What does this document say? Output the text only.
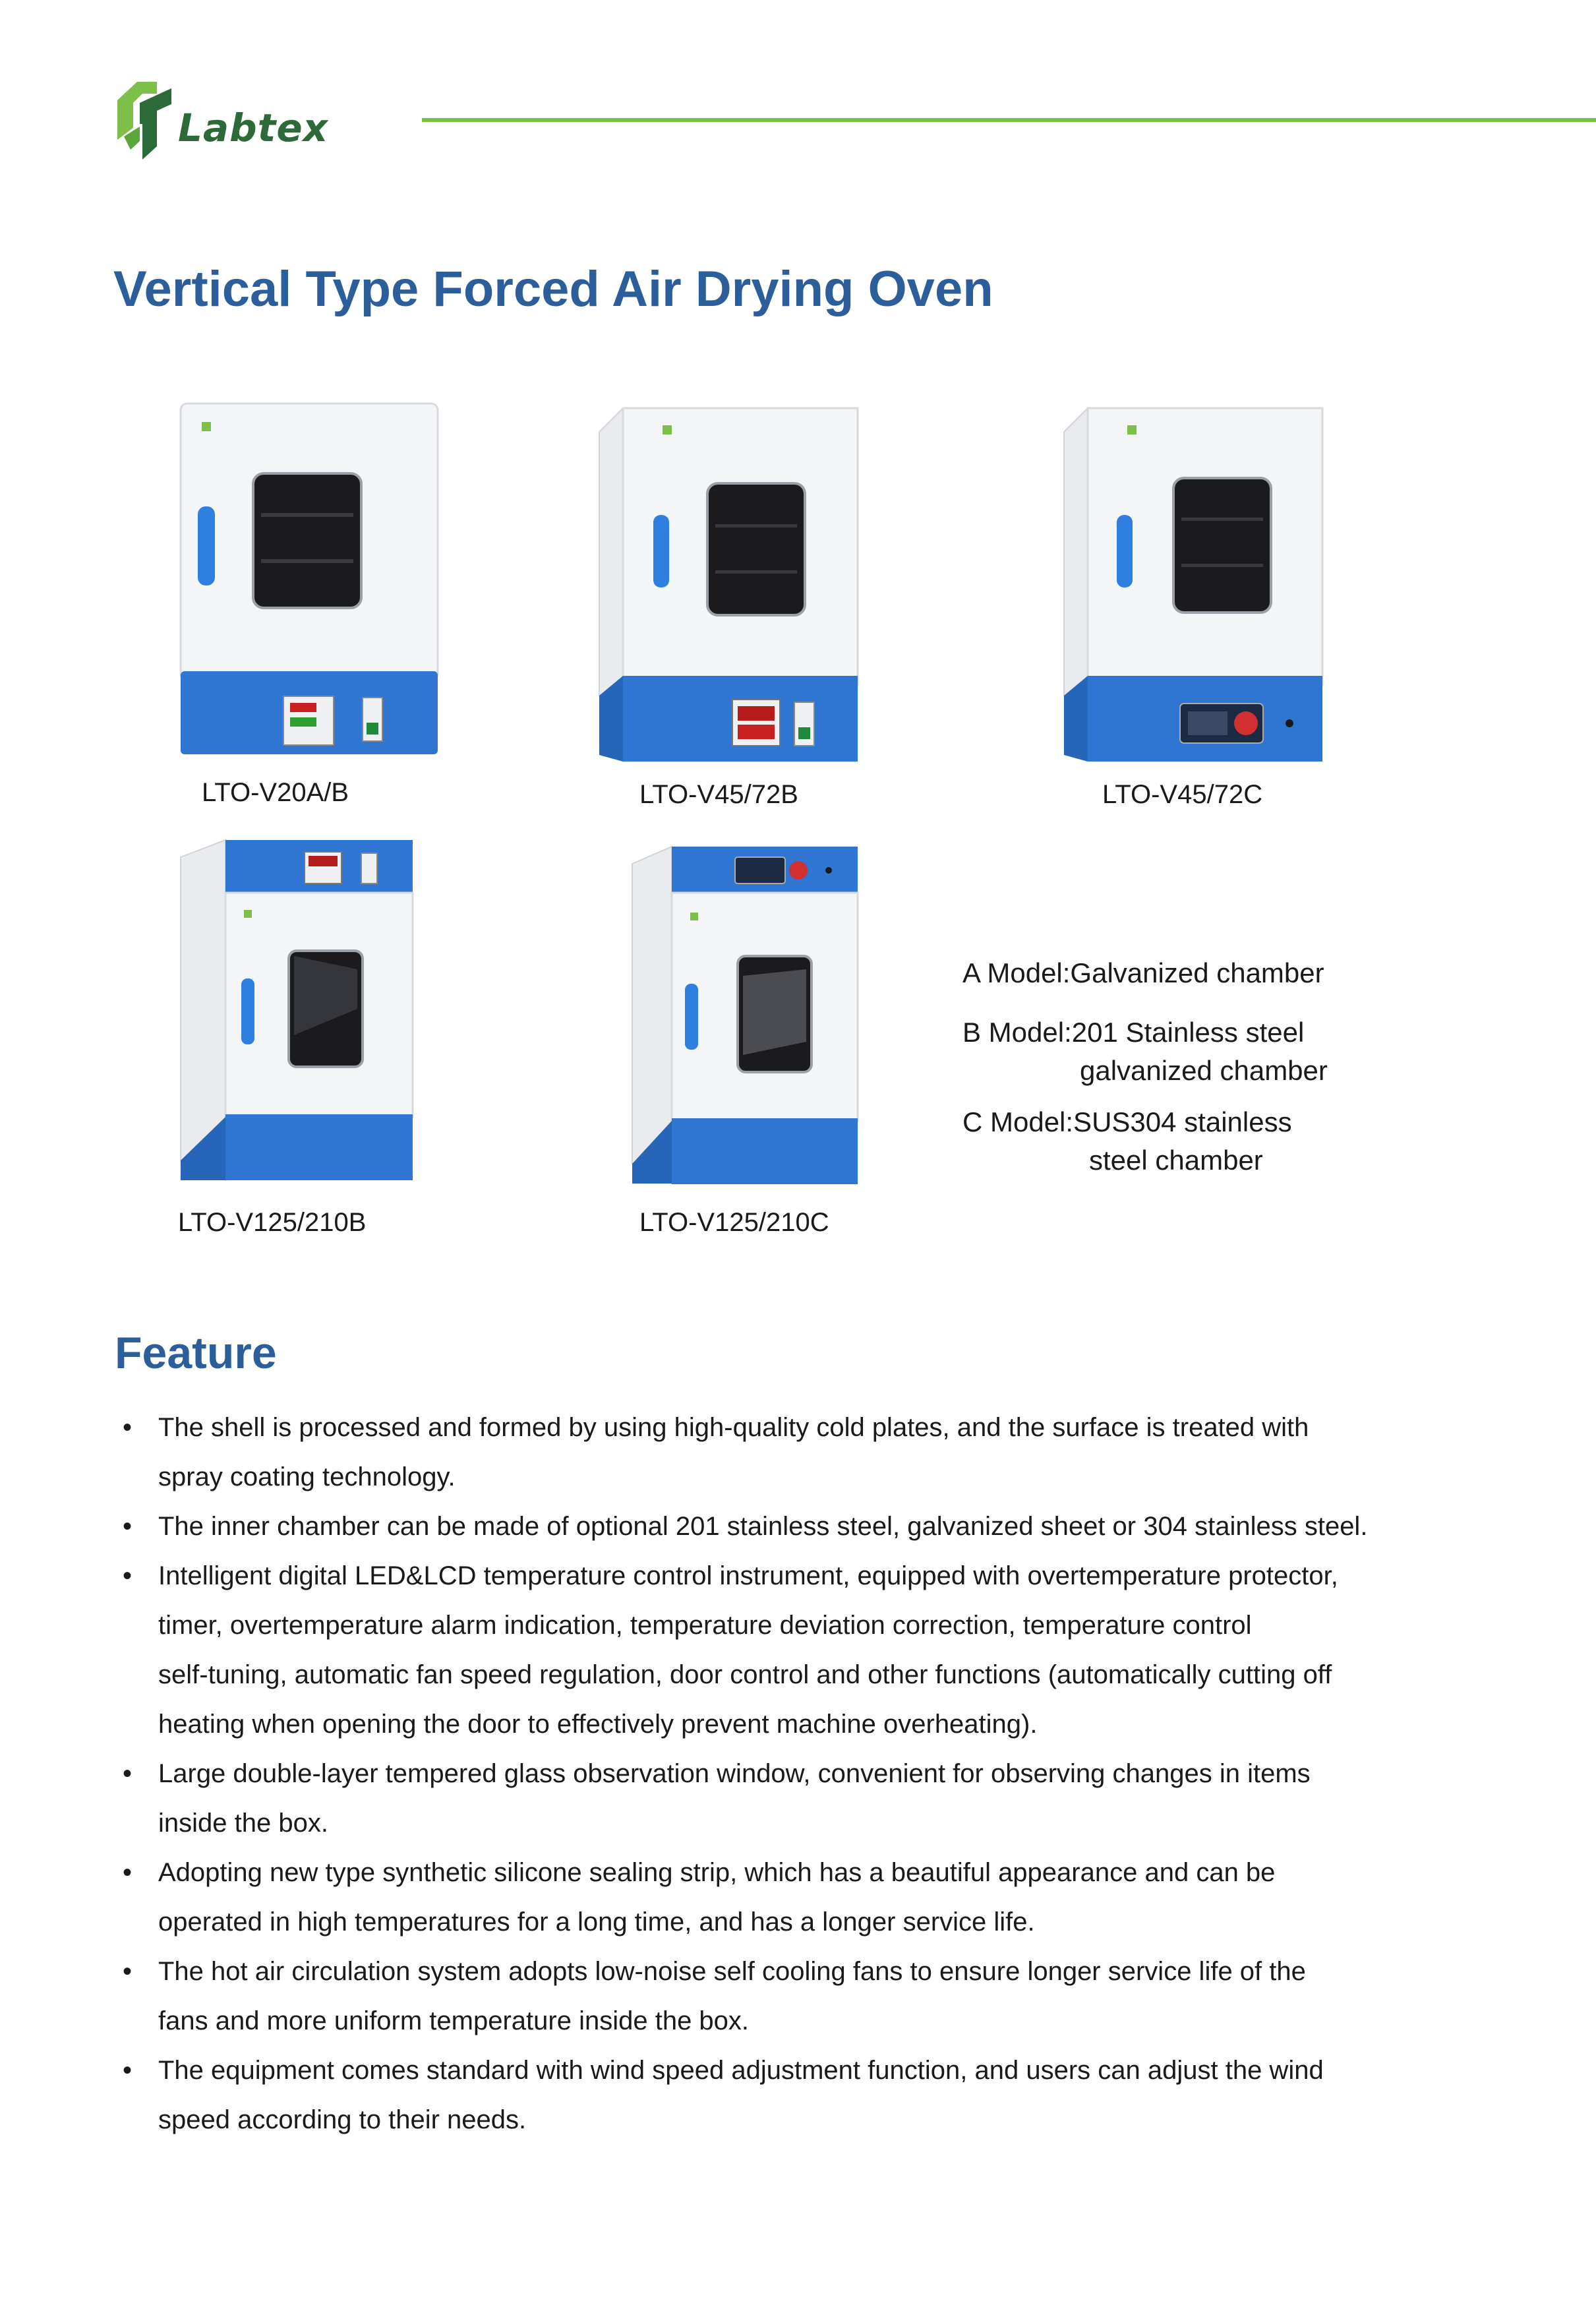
Labtex
Vertical Type Forced Air Drying Oven
LTO-V20A/B	LTO-V45/72B	LTO-V45/72C
LTO-V125/210B	LTO-V125/210C
A Model:Galvanized chamber
B Model:201 Stainless steel
galvanized chamber
C Model:SUS304 stainless
steel chamber
Feature
• The shell is processed and formed by using high-quality cold plates, and the surface is treated with
spray coating technology.
• The inner chamber can be made of optional 201 stainless steel, galvanized sheet or 304 stainless steel.
• Intelligent digital LED&LCD temperature control instrument, equipped with overtemperature protector,
timer, overtemperature alarm indication, temperature deviation correction, temperature control
self-tuning, automatic fan speed regulation, door control and other functions (automatically cutting off
heating when opening the door to effectively prevent machine overheating).
• Large double-layer tempered glass observation window, convenient for observing changes in items
inside the box.
• Adopting new type synthetic silicone sealing strip, which has a beautiful appearance and can be
operated in high temperatures for a long time, and has a longer service life.
• The hot air circulation system adopts low-noise self cooling fans to ensure longer service life of the
fans and more uniform temperature inside the box.
• The equipment comes standard with wind speed adjustment function, and users can adjust the wind
speed according to their needs.
